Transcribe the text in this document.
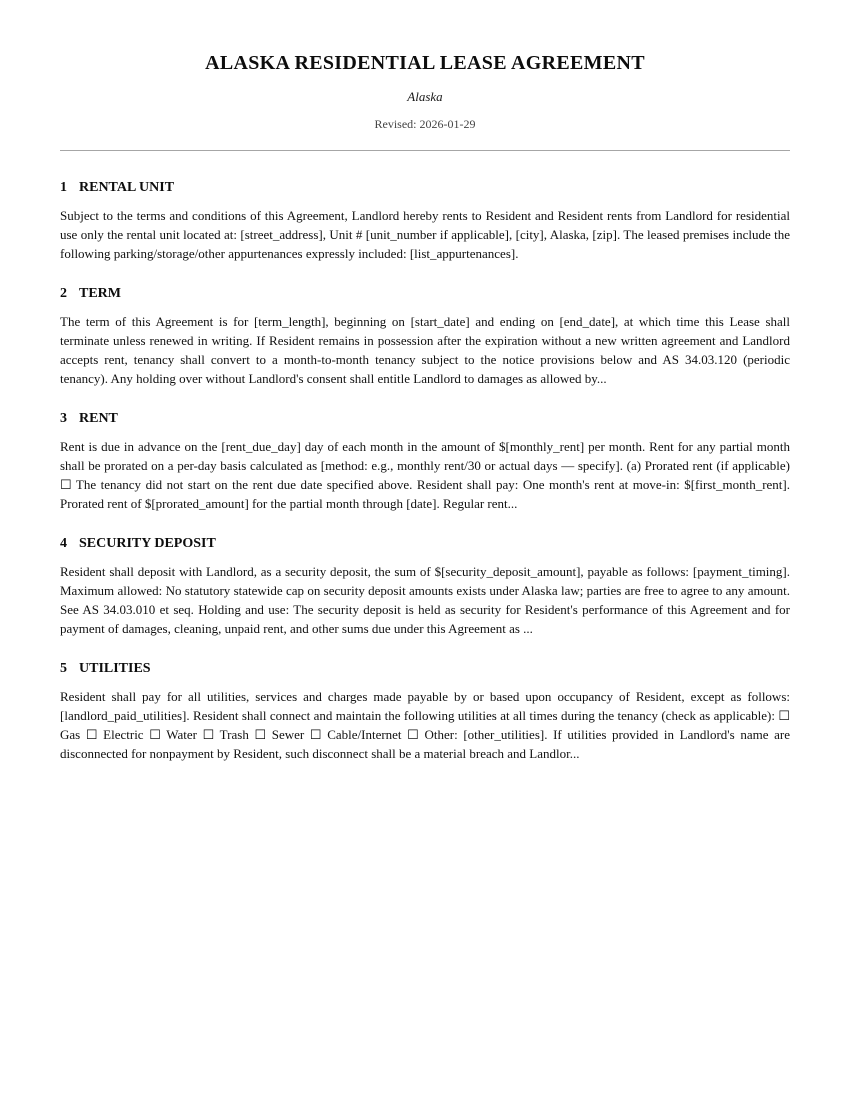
ALASKA RESIDENTIAL LEASE AGREEMENT
Alaska
Revised: 2026-01-29
1 RENTAL UNIT

Subject to the terms and conditions of this Agreement, Landlord hereby rents to Resident and Resident rents from Landlord for residential use only the rental unit located at: [street_address], Unit # [unit_number if applicable], [city], Alaska, [zip]. The leased premises include the following parking/storage/other appurtenances expressly included: [list_appurtenances].

2 TERM

The term of this Agreement is for [term_length], beginning on [start_date] and ending on [end_date], at which time this Lease shall terminate unless renewed in writing. If Resident remains in possession after the expiration without a new written agreement and Landlord accepts rent, tenancy shall convert to a month-to-month tenancy subject to the notice provisions below and AS 34.03.120 (periodic tenancy). Any holding over without Landlord's consent shall entitle Landlord to damages as allowed by...

3 RENT

Rent is due in advance on the [rent_due_day] day of each month in the amount of $[monthly_rent] per month. Rent for any partial month shall be prorated on a per-day basis calculated as [method: e.g., monthly rent/30 or actual days — specify]. (a) Prorated rent (if applicable) ☐ The tenancy did not start on the rent due date specified above. Resident shall pay: One month's rent at move-in: $[first_month_rent]. Prorated rent of $[prorated_amount] for the partial month through [date]. Regular rent...

4 SECURITY DEPOSIT

Resident shall deposit with Landlord, as a security deposit, the sum of $[security_deposit_amount], payable as follows: [payment_timing]. Maximum allowed: No statutory statewide cap on security deposit amounts exists under Alaska law; parties are free to agree to any amount. See AS 34.03.010 et seq. Holding and use: The security deposit is held as security for Resident's performance of this Agreement and for payment of damages, cleaning, unpaid rent, and other sums due under this Agreement as ...

5 UTILITIES

Resident shall pay for all utilities, services and charges made payable by or based upon occupancy of Resident, except as follows: [landlord_paid_utilities]. Resident shall connect and maintain the following utilities at all times during the tenancy (check as applicable): ☐ Gas ☐ Electric ☐ Water ☐ Trash ☐ Sewer ☐ Cable/Internet ☐ Other: [other_utilities]. If utilities provided in Landlord's name are disconnected for nonpayment by Resident, such disconnect shall be a material breach and Landlor...
